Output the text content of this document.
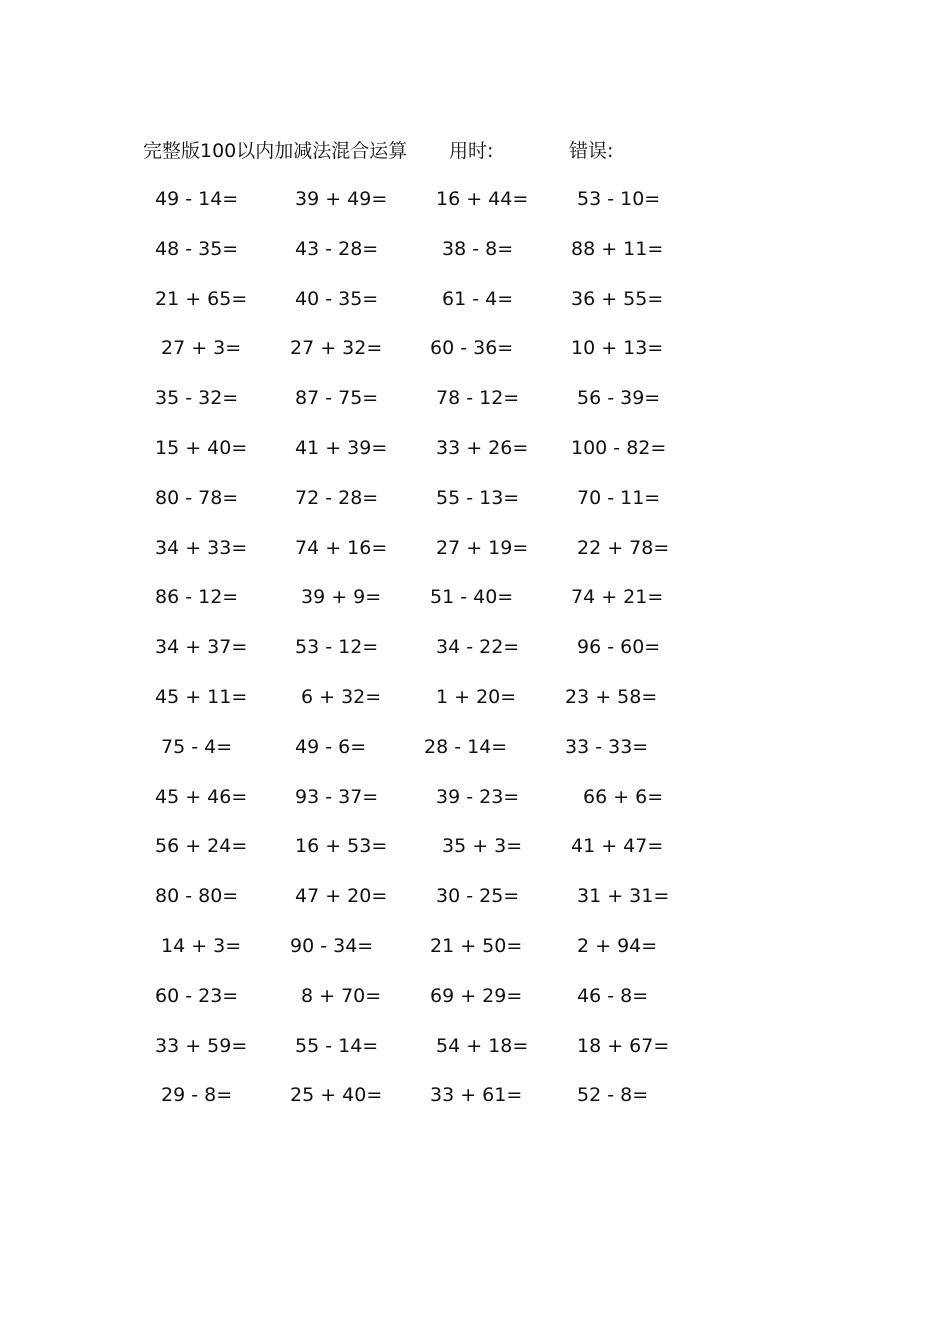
完整版100以内加减法混合运算 用时:	错误:
49 - 14=	39 + 49=	16 + 44=	53 - 10=
48 - 35=	43 - 28=	38 - 8=	88 + 11=
21 + 65=	40 - 35=	61 - 4=	36 + 55=
27 + 3=	27 + 32=	60 - 36=	10 + 13=
35 - 32=	87 - 75=	78 - 12=	56 - 39=
15 + 40=	41 + 39=	33 + 26= 100 - 82=
80 - 78=	72 - 28=	55 - 13=	70 - 11=
34 + 33=	74 + 16=	27 + 19=	22 + 78=
86 - 12=	39 + 9=	51 - 40=	74 + 21=
34 + 37=	53 - 12=	34 - 22=	96 - 60=
45 + 11=	6 + 32=	1 + 20=	23 + 58=
75 - 4=	49 - 6=	28 - 14=	33 - 33=
45 + 46=	93 - 37=	39 - 23=	66 + 6=
56 + 24=	16 + 53=	35 + 3=	41 + 47=
80 - 80=	47 + 20=	30 - 25=	31 + 31=
14 + 3=	90 - 34=	21 + 50=	2 + 94=
60 - 23=	8 + 70=	69 + 29=	46 - 8=
33 + 59=	55 - 14=	54 + 18=	18 + 67=
29 - 8=	25 + 40=	33 + 61=	52 - 8=
